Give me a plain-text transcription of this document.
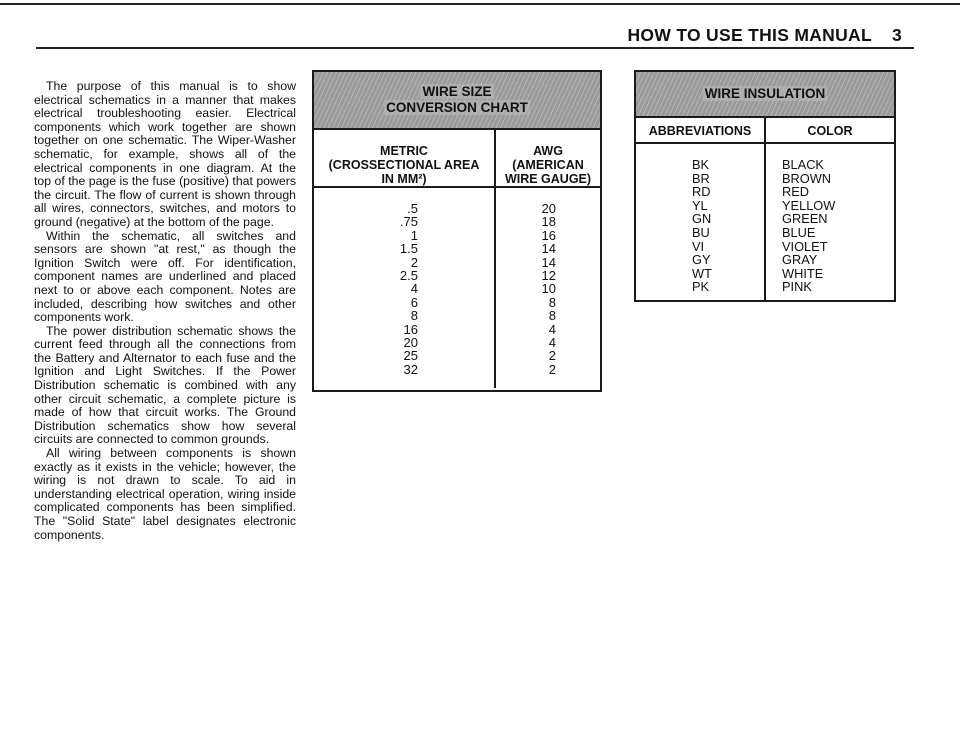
HOW TO USE THIS MANUAL 3

The purpose of this manual is to show electrical schematics in a manner that makes electrical troubleshooting easier. Electrical components which work together are shown together on one schematic. The Wiper-Washer schematic, for example, shows all of the electrical components in one diagram. At the top of the page is the fuse (positive) that powers the circuit. The flow of current is shown through all wires, connectors, switches, and motors to ground (negative) at the bottom of the page.

Within the schematic, all switches and sensors are shown "at rest," as though the Ignition Switch were off. For identification, component names are underlined and placed next to or above each component. Notes are included, describing how switches and other components work.

The power distribution schematic shows the current feed through all the connections from the Battery and Alternator to each fuse and the Ignition and Light Switches. If the Power Distribution schematic is combined with any other circuit schematic, a complete picture is made of how that circuit works. The Ground Distribution schematics show how several circuits are connected to common grounds.

All wiring between components is shown exactly as it exists in the vehicle; however, the wiring is not drawn to scale. To aid in understanding electrical operation, wiring inside complicated components has been simplified. The "Solid State" label designates electronic components.

WIRE SIZE
CONVERSION CHART
METRIC
(CROSSECTIONAL AREA
IN MM²)
AWG
(AMERICAN
WIRE GAUGE)
.5
.75
1
1.5
2
2.5
4
6
8
16
20
25
32
20
18
16
14
14
12
10
8
8
4
4
2
2
WIRE INSULATION
ABBREVIATIONS	COLOR
BK
BR
RD
YL
GN
BU
VI
GY
WT
PK
BLACK
BROWN
RED
YELLOW
GREEN
BLUE
VIOLET
GRAY
WHITE
PINK
